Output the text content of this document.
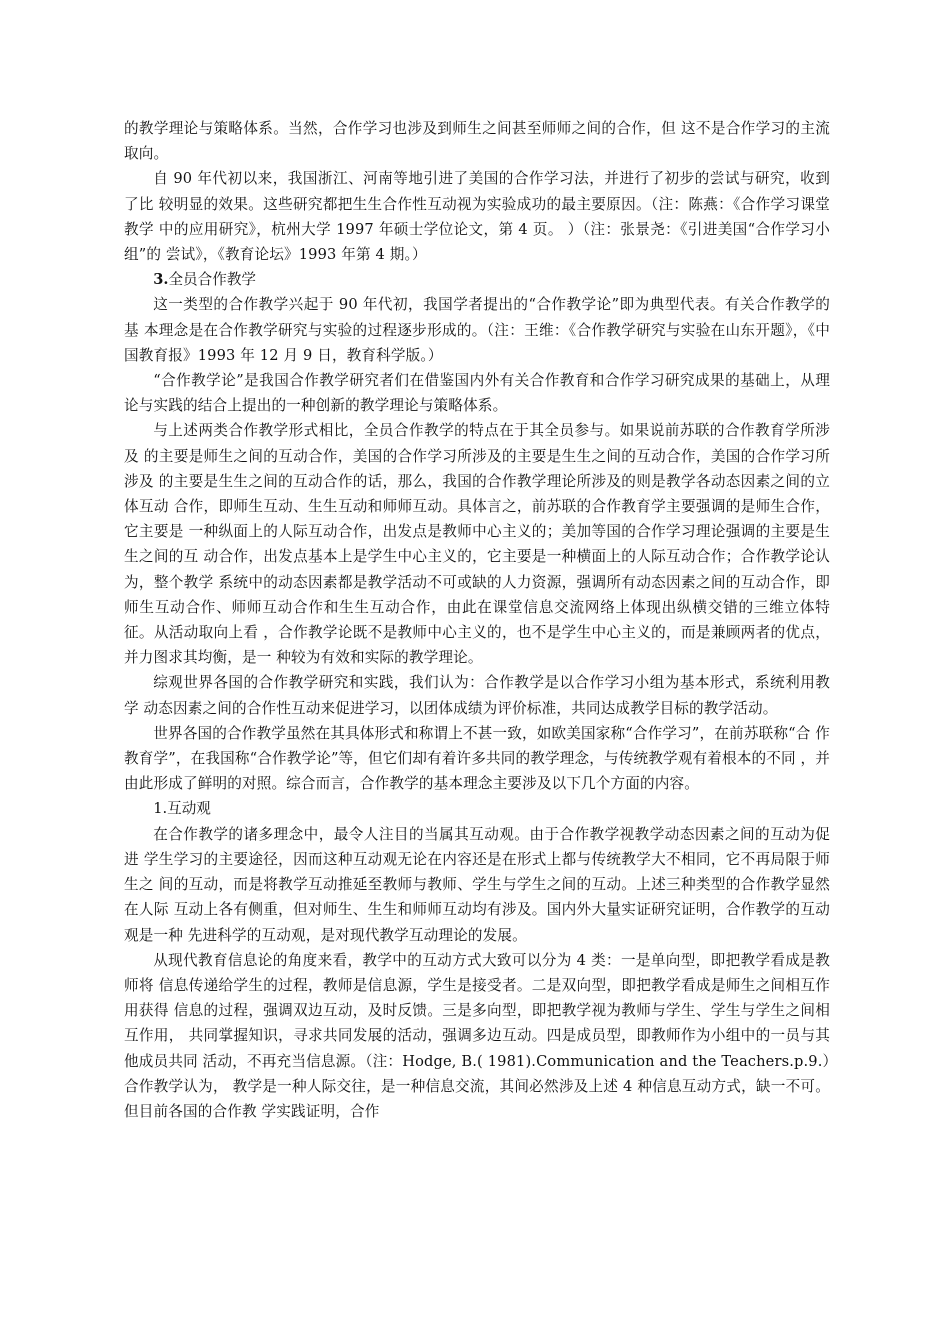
的教学理论与策略体系。当然，合作学习也涉及到师生之间甚至师师之间的合作，但 这不是合作学习的主流取向。

自 90 年代初以来，我国浙江、河南等地引进了美国的合作学习法，并进行了初步的尝试与研究，收到了比 较明显的效果。这些研究都把生生合作性互动视为实验成功的最主要原因。（注：陈燕：《合作学习课堂教学 中的应用研究》，杭州大学 1997 年硕士学位论文，第 4 页。 ）（注：张景尧：《引进美国“合作学习小组”的 尝试》，《教育论坛》1993 年第 4 期。）

3.全员合作教学

这一类型的合作教学兴起于 90 年代初，我国学者提出的“合作教学论”即为典型代表。有关合作教学的基 本理念是在合作教学研究与实验的过程逐步形成的。（注：王维：《合作教学研究与实验在山东开题》，《中 国教育报》1993 年 12 月 9 日，教育科学版。）

“合作教学论”是我国合作教学研究者们在借鉴国内外有关合作教育和合作学习研究成果的基础上，从理 论与实践的结合上提出的一种创新的教学理论与策略体系。

与上述两类合作教学形式相比，全员合作教学的特点在于其全员参与。如果说前苏联的合作教育学所涉及 的主要是师生之间的互动合作，美国的合作学习所涉及的主要是生生之间的互动合作，美国的合作学习所涉及 的主要是生生之间的互动合作的话，那么，我国的合作教学理论所涉及的则是教学各动态因素之间的立体互动 合作，即师生互动、生生互动和师师互动。具体言之，前苏联的合作教育学主要强调的是师生合作，它主要是 一种纵面上的人际互动合作，出发点是教师中心主义的；美加等国的合作学习理论强调的主要是生生之间的互 动合作，出发点基本上是学生中心主义的，它主要是一种横面上的人际互动合作；合作教学论认为，整个教学 系统中的动态因素都是教学活动不可或缺的人力资源，强调所有动态因素之间的互动合作，即师生互动合作、师师互动合作和生生互动合作，由此在课堂信息交流网络上体现出纵横交错的三维立体特征。从活动取向上看 ，合作教学论既不是教师中心主义的，也不是学生中心主义的，而是兼顾两者的优点，并力图求其均衡，是一 种较为有效和实际的教学理论。

综观世界各国的合作教学研究和实践，我们认为：合作教学是以合作学习小组为基本形式，系统利用教学 动态因素之间的合作性互动来促进学习，以团体成绩为评价标准，共同达成教学目标的教学活动。

世界各国的合作教学虽然在其具体形式和称谓上不甚一致，如欧美国家称“合作学习”，在前苏联称“合 作教育学”，在我国称“合作教学论”等，但它们却有着许多共同的教学理念，与传统教学观有着根本的不同 ，并由此形成了鲜明的对照。综合而言，合作教学的基本理念主要涉及以下几个方面的内容。

1.互动观

在合作教学的诸多理念中，最令人注目的当属其互动观。由于合作教学视教学动态因素之间的互动为促进 学生学习的主要途径，因而这种互动观无论在内容还是在形式上都与传统教学大不相同，它不再局限于师生之 间的互动，而是将教学互动推延至教师与教师、学生与学生之间的互动。上述三种类型的合作教学显然在人际 互动上各有侧重，但对师生、生生和师师互动均有涉及。国内外大量实证研究证明，合作教学的互动观是一种 先进科学的互动观，是对现代教学互动理论的发展。

从现代教育信息论的角度来看，教学中的互动方式大致可以分为 4 类：一是单向型，即把教学看成是教师将 信息传递给学生的过程，教师是信息源，学生是接受者。二是双向型，即把教学看成是师生之间相互作用获得 信息的过程，强调双边互动，及时反馈。三是多向型，即把教学视为教师与学生、学生与学生之间相互作用， 共同掌握知识，寻求共同发展的活动，强调多边互动。四是成员型，即教师作为小组中的一员与其他成员共同 活动，不再充当信息源。（注：Hodge, B.( 1981).Communication and the Teachers.p.9.）合作教学认为， 教学是一种人际交往，是一种信息交流，其间必然涉及上述 4 种信息互动方式，缺一不可。但目前各国的合作教 学实践证明，合作
